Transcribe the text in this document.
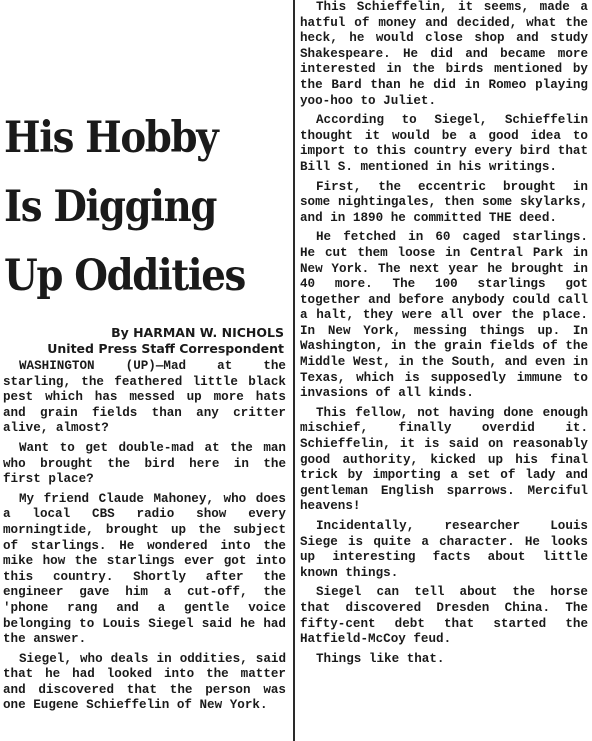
His Hobby
Is Digging
Up Oddities
By HARMAN W. NICHOLS
United Press Staff Correspondent

WASHINGTON (UP)—Mad at the starling, the feathered little black pest which has messed up more hats and grain fields than any critter alive, almost?

Want to get double-mad at the man who brought the bird here in the first place?

My friend Claude Mahoney, who does a local CBS radio show every morningtide, brought up the subject of starlings. He wondered into the mike how the starlings ever got into this country. Shortly after the engineer gave him a cut-off, the 'phone rang and a gentle voice belonging to Louis Siegel said he had the answer.

Siegel, who deals in oddities, said that he had looked into the matter and discovered that the person was one Eugene Schieffelin of New York.

This Schieffelin, it seems, made a hatful of money and decided, what the heck, he would close shop and study Shakespeare. He did and became more interested in the birds mentioned by the Bard than he did in Romeo playing yoo-hoo to Juliet.

According to Siegel, Schieffelin thought it would be a good idea to import to this country every bird that Bill S. mentioned in his writings.

First, the eccentric brought in some nightingales, then some skylarks, and in 1890 he committed THE deed.

He fetched in 60 caged starlings. He cut them loose in Central Park in New York. The next year he brought in 40 more. The 100 starlings got together and before anybody could call a halt, they were all over the place. In New York, messing things up. In Washington, in the grain fields of the Middle West, in the South, and even in Texas, which is supposedly immune to invasions of all kinds.

This fellow, not having done enough mischief, finally overdid it. Schieffelin, it is said on reasonably good authority, kicked up his final trick by importing a set of lady and gentleman English sparrows. Merciful heavens!

Incidentally, researcher Louis Siege is quite a character. He looks up interesting facts about little known things.

Siegel can tell about the horse that discovered Dresden China. The fifty-cent debt that started the Hatfield-McCoy feud.

Things like that.
